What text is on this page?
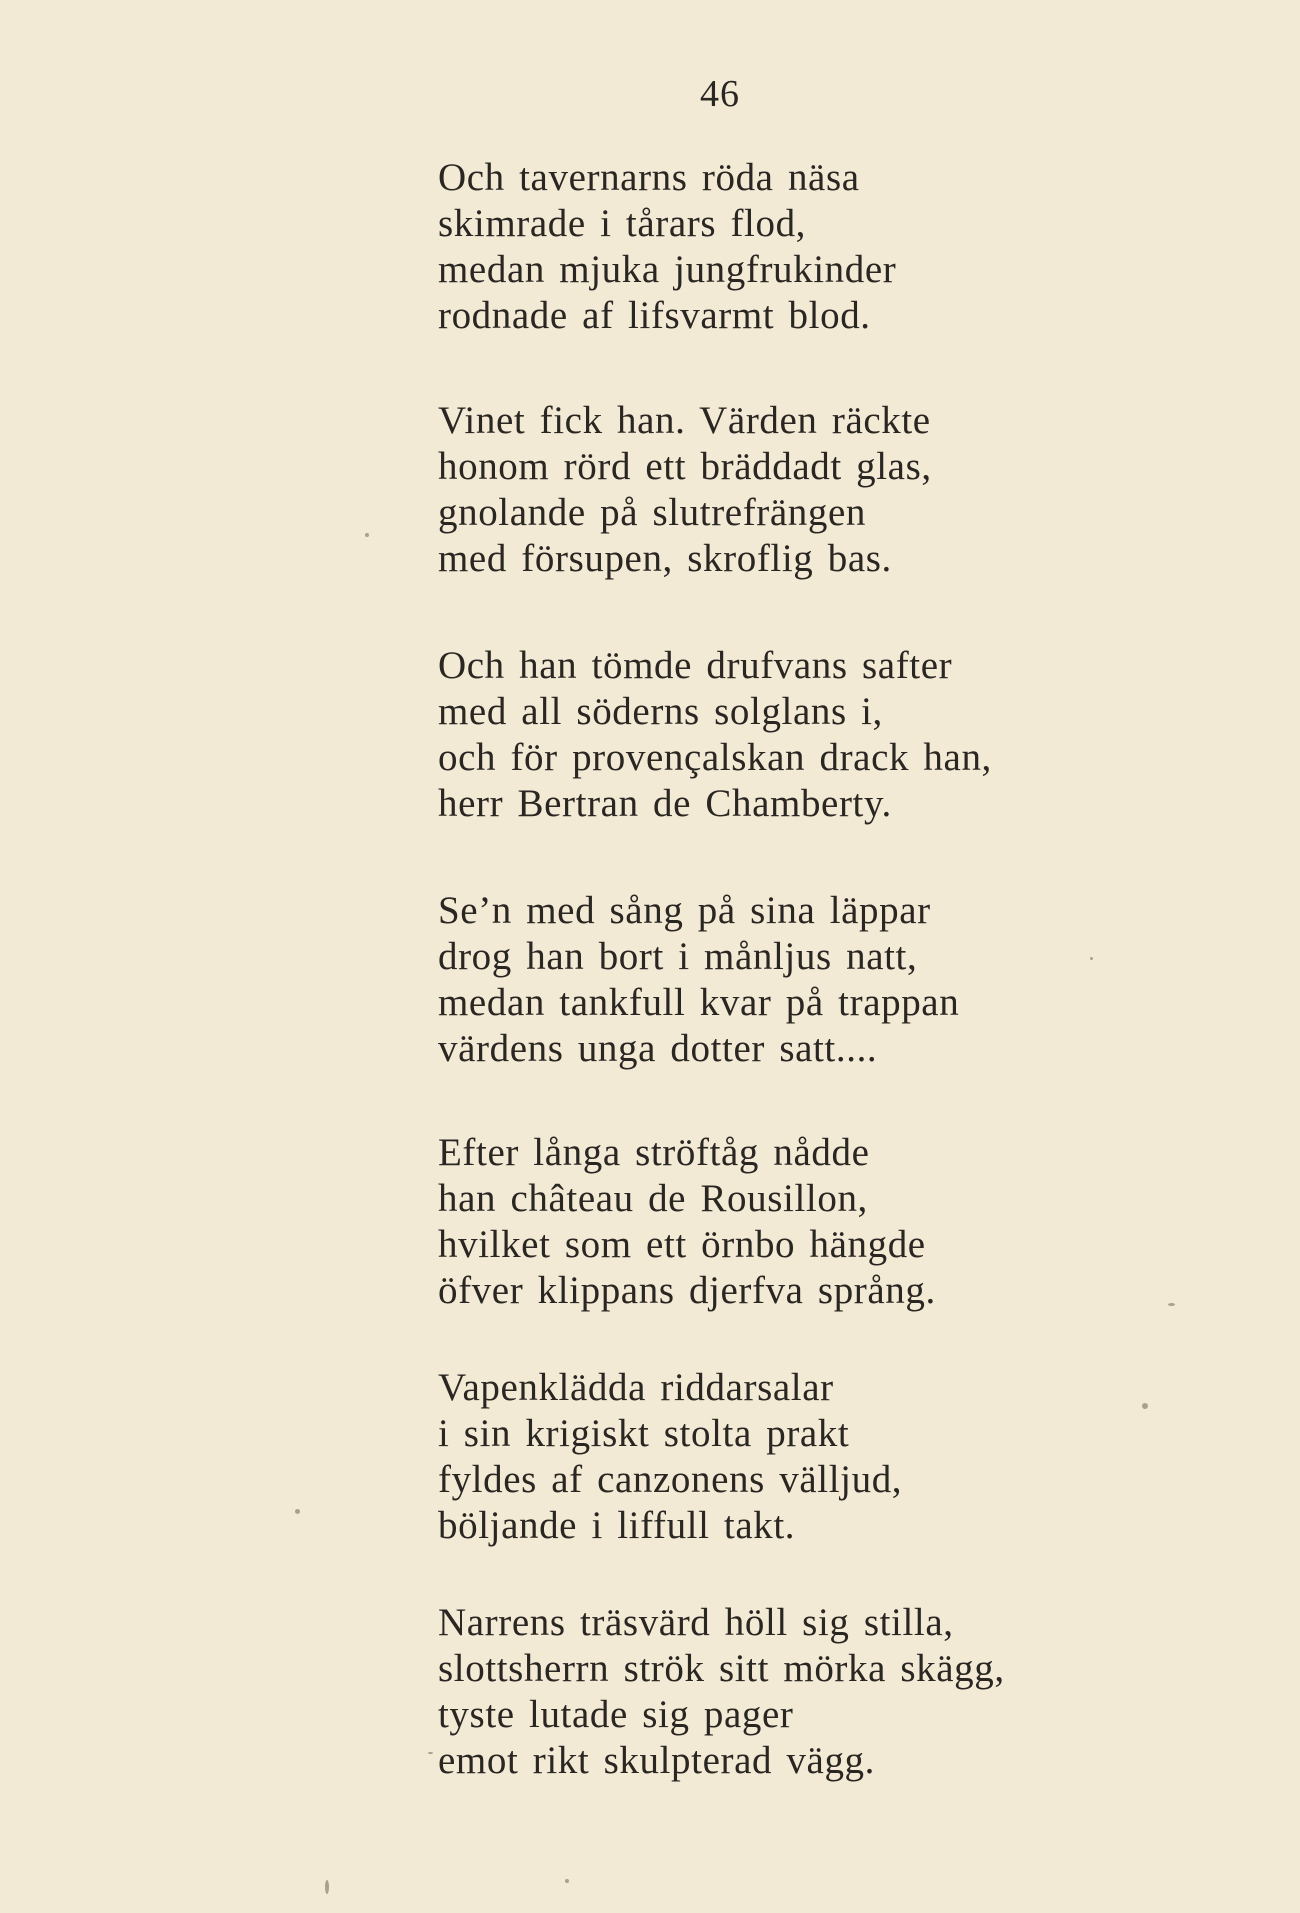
46
Och tavernarns röda näsa
skimrade i tårars flod,
medan mjuka jungfrukinder
rodnade af lifsvarmt blod.
Vinet fick han. Värden räckte
honom rörd ett bräddadt glas,
gnolande på slutrefrängen
med försupen, skroflig bas.
Och han tömde drufvans safter
med all söderns solglans i,
och för provençalskan drack han,
herr Bertran de Chamberty.
Se’n med sång på sina läppar
drog han bort i månljus natt,
medan tankfull kvar på trappan
värdens unga dotter satt....
Efter långa ströftåg nådde
han château de Rousillon,
hvilket som ett örnbo hängde
öfver klippans djerfva språng.
Vapenklädda riddarsalar
i sin krigiskt stolta prakt
fyldes af canzonens välljud,
böljande i liffull takt.
Narrens träsvärd höll sig stilla,
slottsherrn strök sitt mörka skägg,
tyste lutade sig pager
emot rikt skulpterad vägg.
